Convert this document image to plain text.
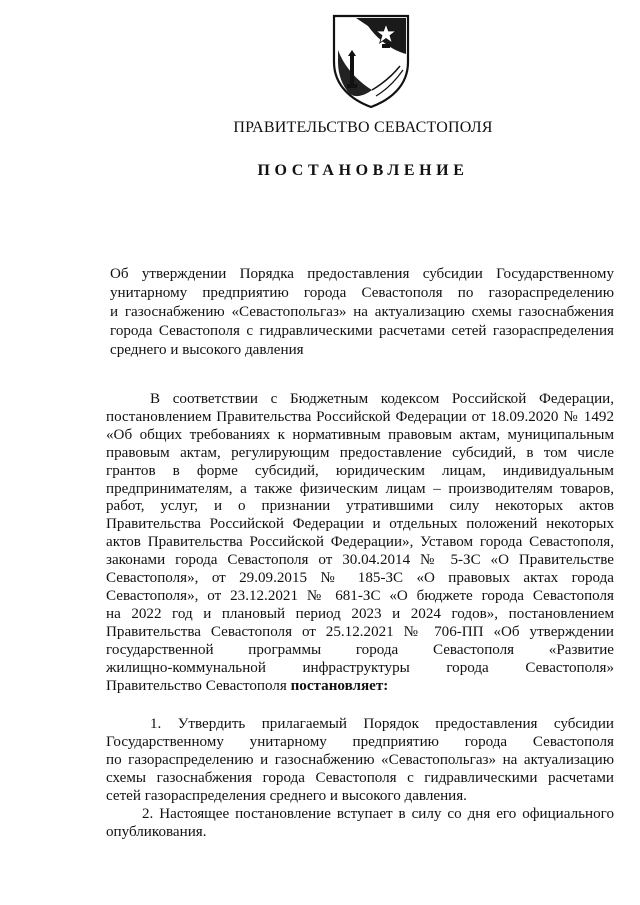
ПРАВИТЕЛЬСТВО СЕВАСТОПОЛЯ
ПОСТАНОВЛЕНИЕ
Об утверждении Порядка предоставления субсидии Государственному
унитарному предприятию города Севастополя по газораспределению
и газоснабжению «Севастопольгаз» на актуализацию схемы газоснабжения
города Севастополя с гидравлическими расчетами сетей газораспределения
среднего и высокого давления
В соответствии с Бюджетным кодексом Российской Федерации,
постановлением Правительства Российской Федерации от 18.09.2020 № 1492
«Об общих требованиях к нормативным правовым актам, муниципальным
правовым актам, регулирующим предоставление субсидий, в том числе
грантов в форме субсидий, юридическим лицам, индивидуальным
предпринимателям, а также физическим лицам – производителям товаров,
работ, услуг, и о признании утратившими силу некоторых актов
Правительства Российской Федерации и отдельных положений некоторых
актов Правительства Российской Федерации», Уставом города Севастополя,
законами города Севастополя от 30.04.2014 № 5-ЗС «О Правительстве
Севастополя», от 29.09.2015 № 185-ЗС «О правовых актах города
Севастополя», от 23.12.2021 № 681-ЗС «О бюджете города Севастополя
на 2022 год и плановый период 2023 и 2024 годов», постановлением
Правительства Севастополя от 25.12.2021 № 706-ПП «Об утверждении
государственной программы города Севастополя «Развитие
жилищно-коммунальной инфраструктуры города Севастополя»
Правительство Севастополя постановляет:
1. Утвердить прилагаемый Порядок предоставления субсидии
Государственному унитарному предприятию города Севастополя
по газораспределению и газоснабжению «Севастопольгаз» на актуализацию
схемы газоснабжения города Севастополя с гидравлическими расчетами
сетей газораспределения среднего и высокого давления.
2. Настоящее постановление вступает в силу со дня его официального
опубликования.
